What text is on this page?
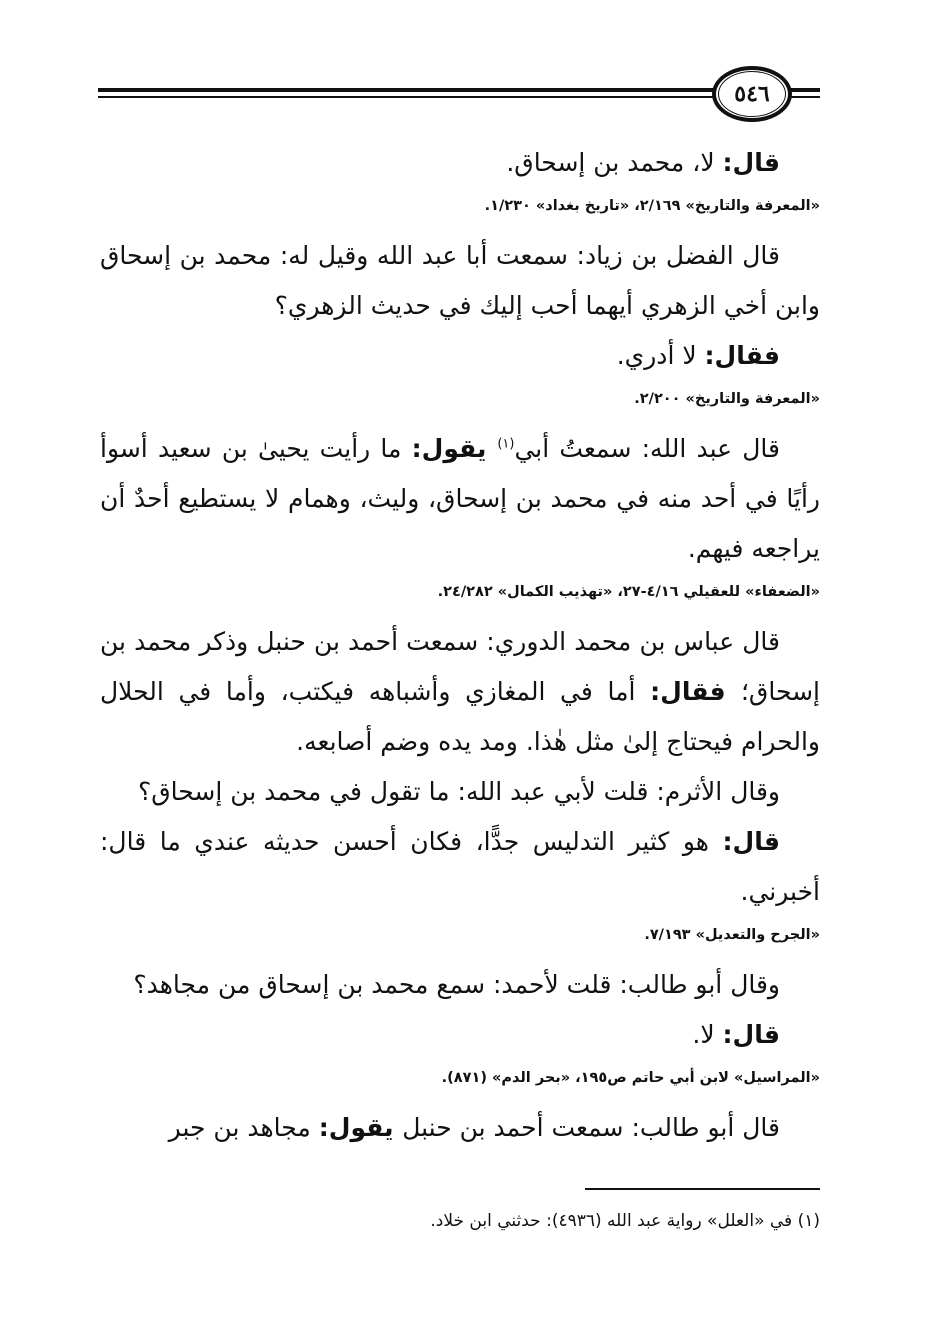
٥٤٦

قال: لا، محمد بن إسحاق.

«المعرفة والتاريخ» ٢/١٦٩، «تاريخ بغداد» ١/٢٣٠.

قال الفضل بن زياد: سمعت أبا عبد الله وقيل له: محمد بن إسحاق وابن أخي الزهري أيهما أحب إليك في حديث الزهري؟

فقال: لا أدري.

«المعرفة والتاريخ» ٢/٢٠٠.

قال عبد الله: سمعتُ أبي$^{(١)}$ يقول: ما رأيت يحيىٰ بن سعيد أسوأ رأيًا في أحد منه في محمد بن إسحاق، وليث، وهمام لا يستطيع أحدٌ أن يراجعه فيهم.

«الضعفاء» للعقيلي ٤/١٦-٢٧، «تهذيب الكمال» ٢٤/٢٨٢.

قال عباس بن محمد الدوري: سمعت أحمد بن حنبل وذكر محمد بن إسحاق؛ فقال: أما في المغازي وأشباهه فيكتب، وأما في الحلال والحرام فيحتاج إلىٰ مثل هٰذا. ومد يده وضم أصابعه.

وقال الأثرم: قلت لأبي عبد الله: ما تقول في محمد بن إسحاق؟

قال: هو كثير التدليس جدًّا، فكان أحسن حديثه عندي ما قال: أخبرني.

«الجرح والتعديل» ٧/١٩٣.

وقال أبو طالب: قلت لأحمد: سمع محمد بن إسحاق من مجاهد؟

قال: لا.

«المراسيل» لابن أبي حاتم ص١٩٥، «بحر الدم» (٨٧١).

قال أبو طالب: سمعت أحمد بن حنبل يقول: مجاهد بن جبر

(١) في «العلل» رواية عبد الله (٤٩٣٦): حدثني ابن خلاد.
